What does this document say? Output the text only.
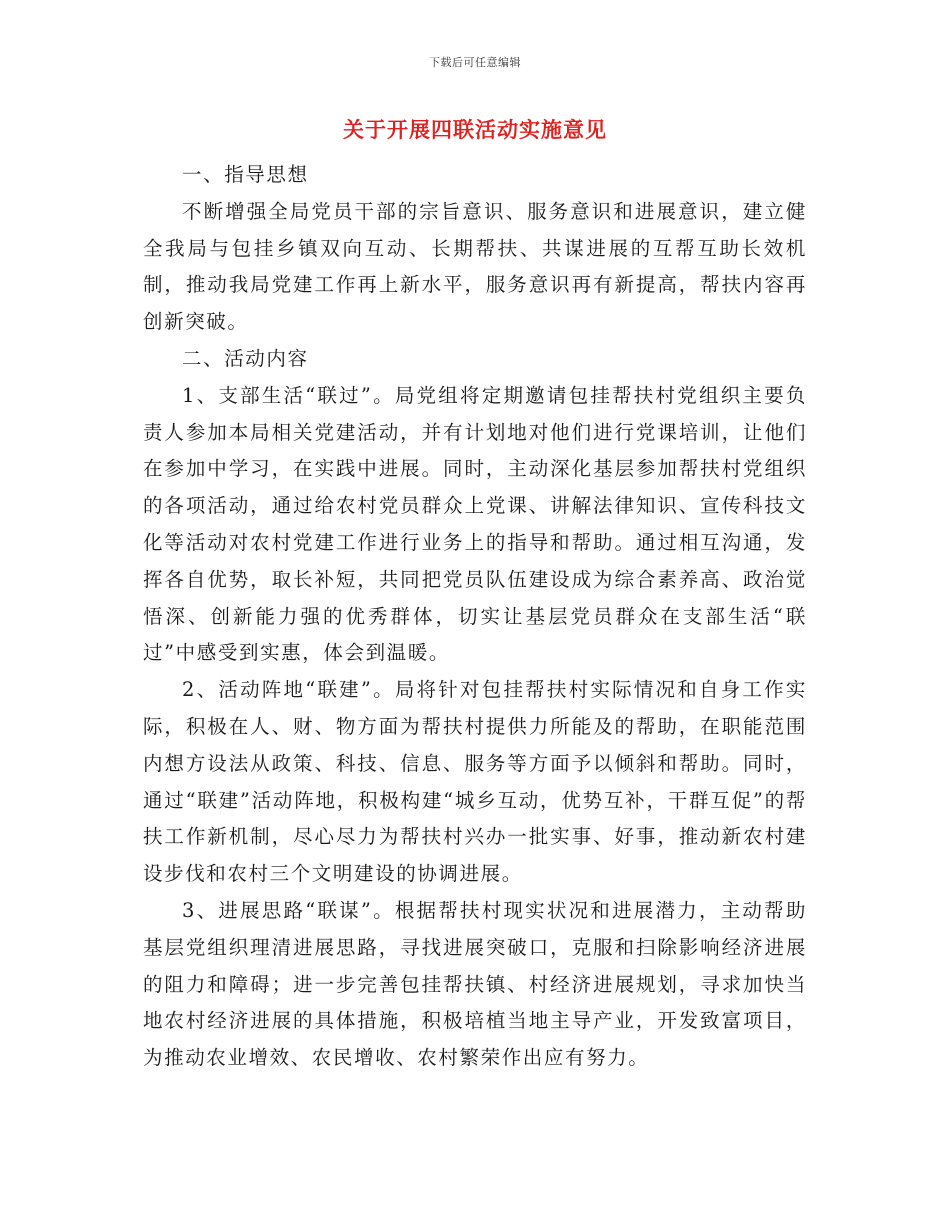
下载后可任意编辑
关于开展四联活动实施意见

一、指导思想

不断增强全局党员干部的宗旨意识、服务意识和进展意识，建立健全我局与包挂乡镇双向互动、长期帮扶、共谋进展的互帮互助长效机制，推动我局党建工作再上新水平，服务意识再有新提高，帮扶内容再创新突破。

二、活动内容

1、支部生活“联过”。局党组将定期邀请包挂帮扶村党组织主要负责人参加本局相关党建活动，并有计划地对他们进行党课培训，让他们在参加中学习，在实践中进展。同时，主动深化基层参加帮扶村党组织的各项活动，通过给农村党员群众上党课、讲解法律知识、宣传科技文化等活动对农村党建工作进行业务上的指导和帮助。通过相互沟通，发挥各自优势，取长补短，共同把党员队伍建设成为综合素养高、政治觉悟深、创新能力强的优秀群体，切实让基层党员群众在支部生活“联过”中感受到实惠，体会到温暖。

2、活动阵地“联建”。局将针对包挂帮扶村实际情况和自身工作实际，积极在人、财、物方面为帮扶村提供力所能及的帮助，在职能范围内想方设法从政策、科技、信息、服务等方面予以倾斜和帮助。同时，通过“联建”活动阵地，积极构建“城乡互动，优势互补，干群互促”的帮扶工作新机制，尽心尽力为帮扶村兴办一批实事、好事，推动新农村建设步伐和农村三个文明建设的协调进展。

3、进展思路“联谋”。根据帮扶村现实状况和进展潜力，主动帮助基层党组织理清进展思路，寻找进展突破口，克服和扫除影响经济进展的阻力和障碍；进一步完善包挂帮扶镇、村经济进展规划，寻求加快当地农村经济进展的具体措施，积极培植当地主导产业，开发致富项目，为推动农业增效、农民增收、农村繁荣作出应有努力。
